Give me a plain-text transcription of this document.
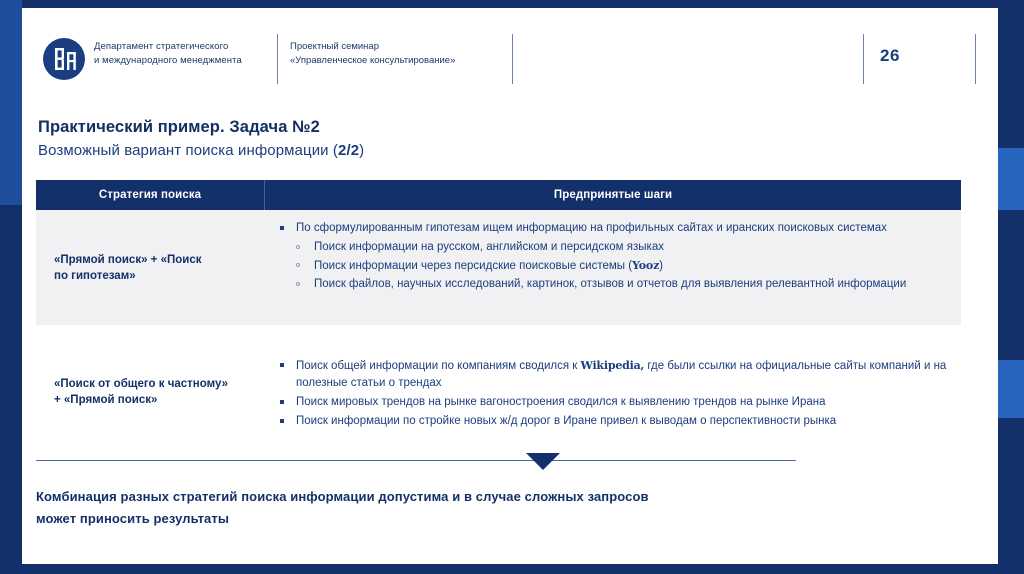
Департамент стратегического
и международного менеджмента
Проектный семинар
«Управленческое консультирование»	26
Практический пример. Задача №2
Возможный вариант поиска информации (2/2)
Стратегия поиска	Предпринятые шаги
«Прямой поиск» + «Поиск
по гипотезам»
По сформулированным гипотезам ищем информацию на профильных сайтах и иранских поисковых системах
Поиск информации на русском, английском и персидском языках
Поиск информации через персидские поисковые системы (Yooz)
Поиск файлов, научных исследований, картинок, отзывов и отчетов для выявления релевантной информации
«Поиск от общего к частному»
+ «Прямой поиск»
Поиск общей информации по компаниям сводился к Wikipedia, где были ссылки на официальные сайты компаний и на полезные статьи о трендах
Поиск мировых трендов на рынке вагоностроения сводился к выявлению трендов на рынке Ирана
Поиск информации по стройке новых ж/д дорог в Иране привел к выводам о перспективности рынка
Комбинация разных стратегий поиска информации допустима и в случае сложных запросов
может приносить результаты
